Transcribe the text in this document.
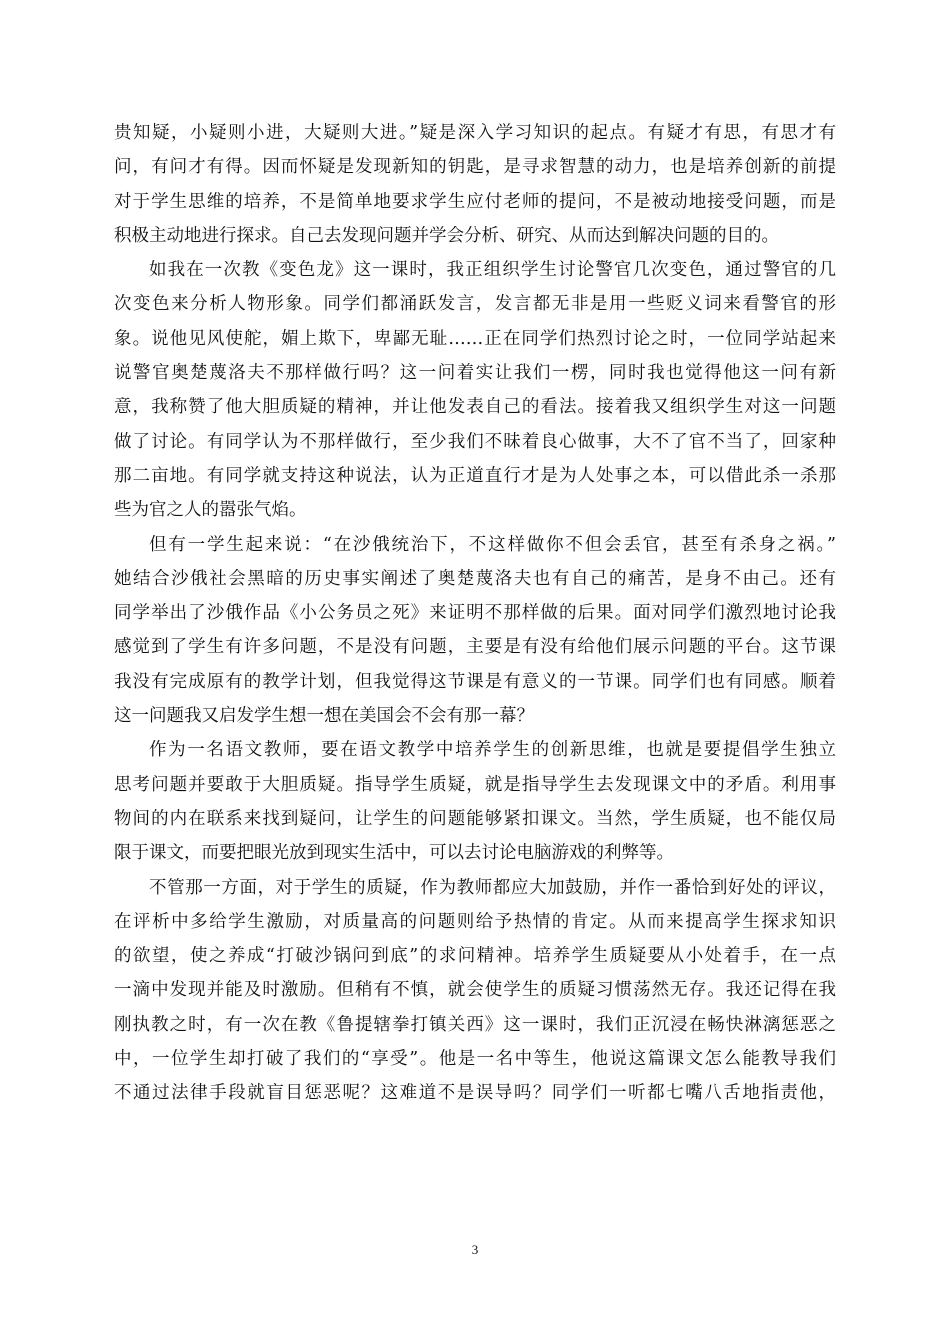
贵知疑，小疑则小进，大疑则大进。”疑是深入学习知识的起点。有疑才有思，有思才有
问，有问才有得。因而怀疑是发现新知的钥匙，是寻求智慧的动力，也是培养创新的前提
对于学生思维的培养，不是简单地要求学生应付老师的提问，不是被动地接受问题，而是
积极主动地进行探求。自己去发现问题并学会分析、研究、从而达到解决问题的目的。
如我在一次教《变色龙》这一课时，我正组织学生讨论警官几次变色，通过警官的几
次变色来分析人物形象。同学们都涌跃发言，发言都无非是用一些贬义词来看警官的形
象。说他见风使舵，媚上欺下，卑鄙无耻……正在同学们热烈讨论之时，一位同学站起来
说警官奥楚蔑洛夫不那样做行吗？这一问着实让我们一楞，同时我也觉得他这一问有新
意，我称赞了他大胆质疑的精神，并让他发表自己的看法。接着我又组织学生对这一问题
做了讨论。有同学认为不那样做行，至少我们不昧着良心做事，大不了官不当了，回家种
那二亩地。有同学就支持这种说法，认为正道直行才是为人处事之本，可以借此杀一杀那
些为官之人的嚣张气焰。
但有一学生起来说：“在沙俄统治下，不这样做你不但会丢官，甚至有杀身之祸。”
她结合沙俄社会黑暗的历史事实阐述了奥楚蔑洛夫也有自己的痛苦，是身不由己。还有
同学举出了沙俄作品《小公务员之死》来证明不那样做的后果。面对同学们激烈地讨论我
感觉到了学生有许多问题，不是没有问题，主要是有没有给他们展示问题的平台。这节课
我没有完成原有的教学计划，但我觉得这节课是有意义的一节课。同学们也有同感。顺着
这一问题我又启发学生想一想在美国会不会有那一幕？
作为一名语文教师，要在语文教学中培养学生的创新思维，也就是要提倡学生独立
思考问题并要敢于大胆质疑。指导学生质疑，就是指导学生去发现课文中的矛盾。利用事
物间的内在联系来找到疑问，让学生的问题能够紧扣课文。当然，学生质疑，也不能仅局
限于课文，而要把眼光放到现实生活中，可以去讨论电脑游戏的利弊等。
不管那一方面，对于学生的质疑，作为教师都应大加鼓励，并作一番恰到好处的评议，
在评析中多给学生激励，对质量高的问题则给予热情的肯定。从而来提高学生探求知识
的欲望，使之养成“打破沙锅问到底”的求问精神。培养学生质疑要从小处着手，在一点
一滴中发现并能及时激励。但稍有不慎，就会使学生的质疑习惯荡然无存。我还记得在我
刚执教之时，有一次在教《鲁提辖拳打镇关西》这一课时，我们正沉浸在畅快淋漓惩恶之
中，一位学生却打破了我们的“享受”。他是一名中等生，他说这篇课文怎么能教导我们
不通过法律手段就盲目惩恶呢？这难道不是误导吗？同学们一听都七嘴八舌地指责他，
3
